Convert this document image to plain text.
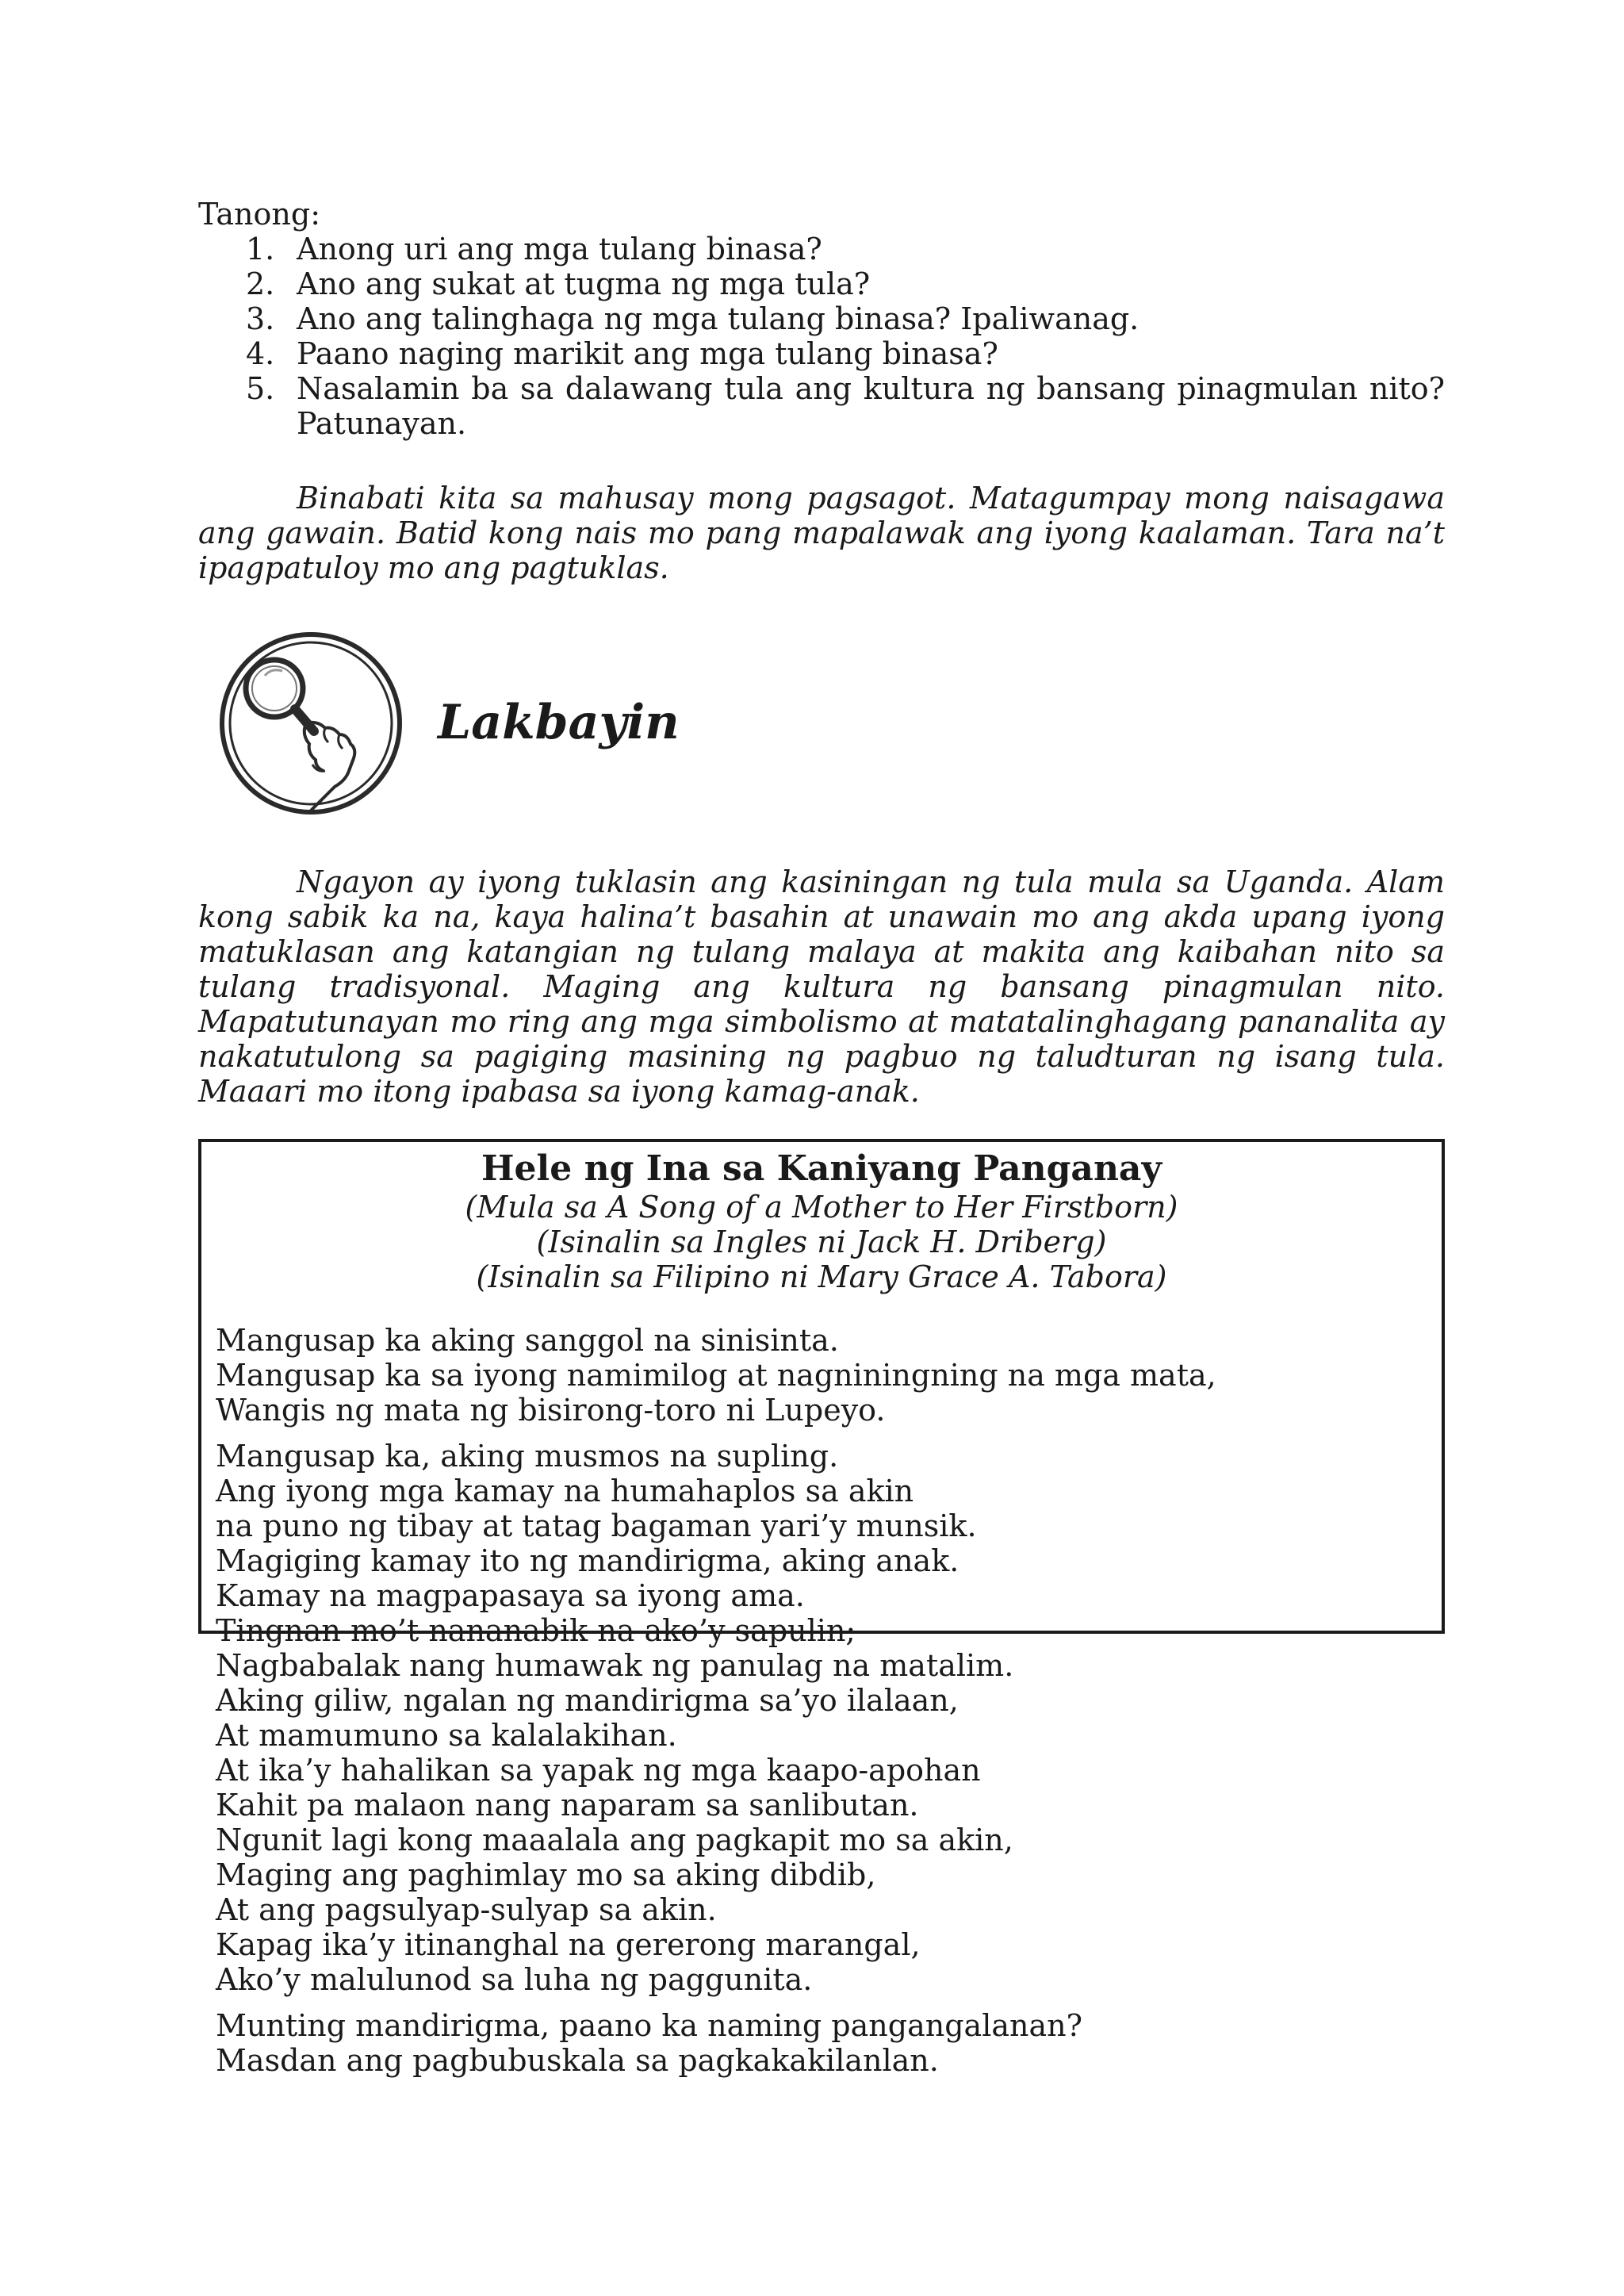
Tanong:

1. Anong uri ang mga tulang binasa?
2. Ano ang sukat at tugma ng mga tula?
3. Ano ang talinghaga ng mga tulang binasa? Ipaliwanag.
4. Paano naging marikit ang mga tulang binasa?
5. Nasalamin ba sa dalawang tula ang kultura ng bansang pinagmulan nito? Patunayan.

Binabati kita sa mahusay mong pagsagot. Matagumpay mong naisagawa ang gawain. Batid kong nais mo pang mapalawak ang iyong kaalaman. Tara na’t ipagpatuloy mo ang pagtuklas.

Lakbayin

Ngayon ay iyong tuklasin ang kasiningan ng tula mula sa Uganda. Alam kong sabik ka na, kaya halina’t basahin at unawain mo ang akda upang iyong matuklasan ang katangian ng tulang malaya at makita ang kaibahan nito sa tulang tradisyonal. Maging ang kultura ng bansang pinagmulan nito. Mapatutunayan mo ring ang mga simbolismo at matatalinghagang pananalita ay nakatutulong sa pagiging masining ng pagbuo ng taludturan ng isang tula. Maaari mo itong ipabasa sa iyong kamag-anak.

Hele ng Ina sa Kaniyang Panganay

(Mula sa A Song of a Mother to Her Firstborn)

(Isinalin sa Ingles ni Jack H. Driberg)

(Isinalin sa Filipino ni Mary Grace A. Tabora)

Mangusap ka aking sanggol na sinisinta.
Mangusap ka sa iyong namimilog at nagniningning na mga mata,
Wangis ng mata ng bisirong-toro ni Lupeyo.
Mangusap ka, aking musmos na supling.
Ang iyong mga kamay na humahaplos sa akin
na puno ng tibay at tatag bagaman yari’y munsik.
Magiging kamay ito ng mandirigma, aking anak.
Kamay na magpapasaya sa iyong ama.
Tingnan mo’t nananabik na ako’y sapulin;
Nagbabalak nang humawak ng panulag na matalim.
Aking giliw, ngalan ng mandirigma sa’yo ilalaan,
At mamumuno sa kalalakihan.
At ika’y hahalikan sa yapak ng mga kaapo-apohan
Kahit pa malaon nang naparam sa sanlibutan.
Ngunit lagi kong maaalala ang pagkapit mo sa akin,
Maging ang paghimlay mo sa aking dibdib,
At ang pagsulyap-sulyap sa akin.
Kapag ika’y itinanghal na gererong marangal,
Ako’y malulunod sa luha ng paggunita.
Munting mandirigma, paano ka naming pangangalanan?
Masdan ang pagbubuskala sa pagkakakilanlan.
